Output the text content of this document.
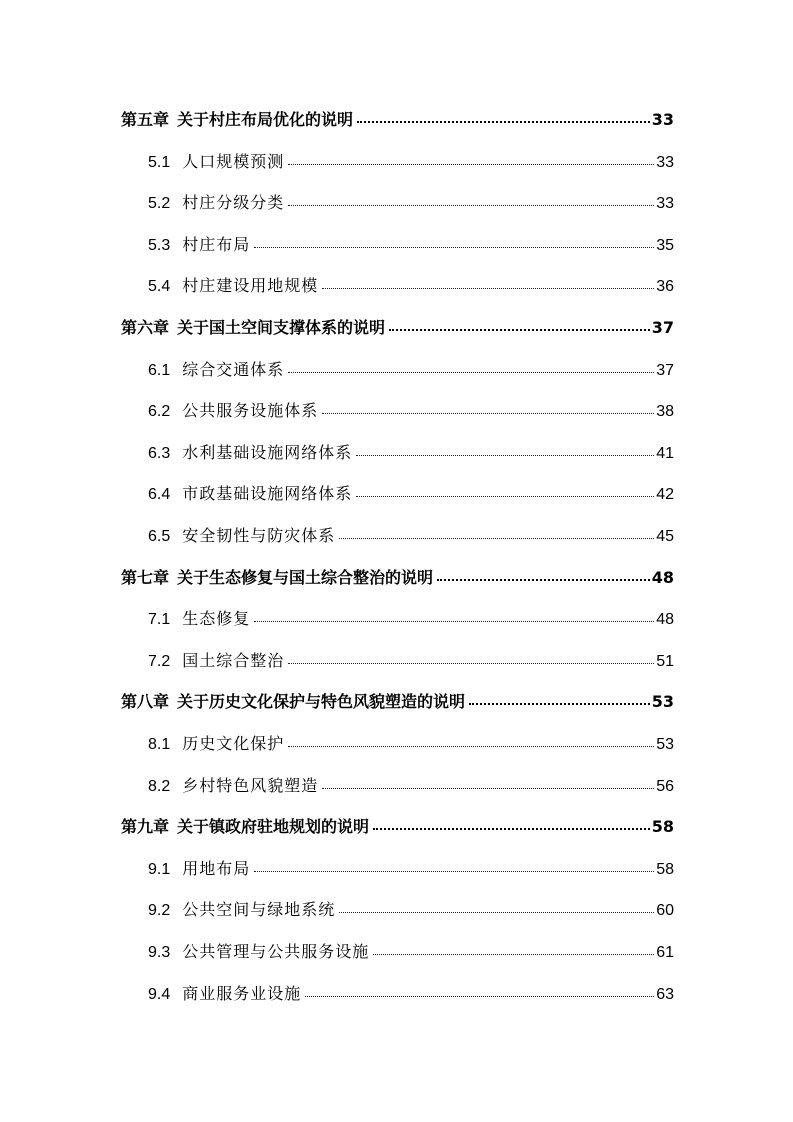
第五章 关于村庄布局优化的说明	33
5.1 人口规模预测	33
5.2 村庄分级分类	33
5.3 村庄布局	35
5.4 村庄建设用地规模	36
第六章 关于国土空间支撑体系的说明	37
6.1 综合交通体系	37
6.2 公共服务设施体系	38
6.3 水利基础设施网络体系	41
6.4 市政基础设施网络体系	42
6.5 安全韧性与防灾体系	45
第七章 关于生态修复与国土综合整治的说明	48
7.1 生态修复	48
7.2 国土综合整治	51
第八章 关于历史文化保护与特色风貌塑造的说明	53
8.1 历史文化保护	53
8.2 乡村特色风貌塑造	56
第九章 关于镇政府驻地规划的说明	58
9.1 用地布局	58
9.2 公共空间与绿地系统	60
9.3 公共管理与公共服务设施	61
9.4 商业服务业设施	63
